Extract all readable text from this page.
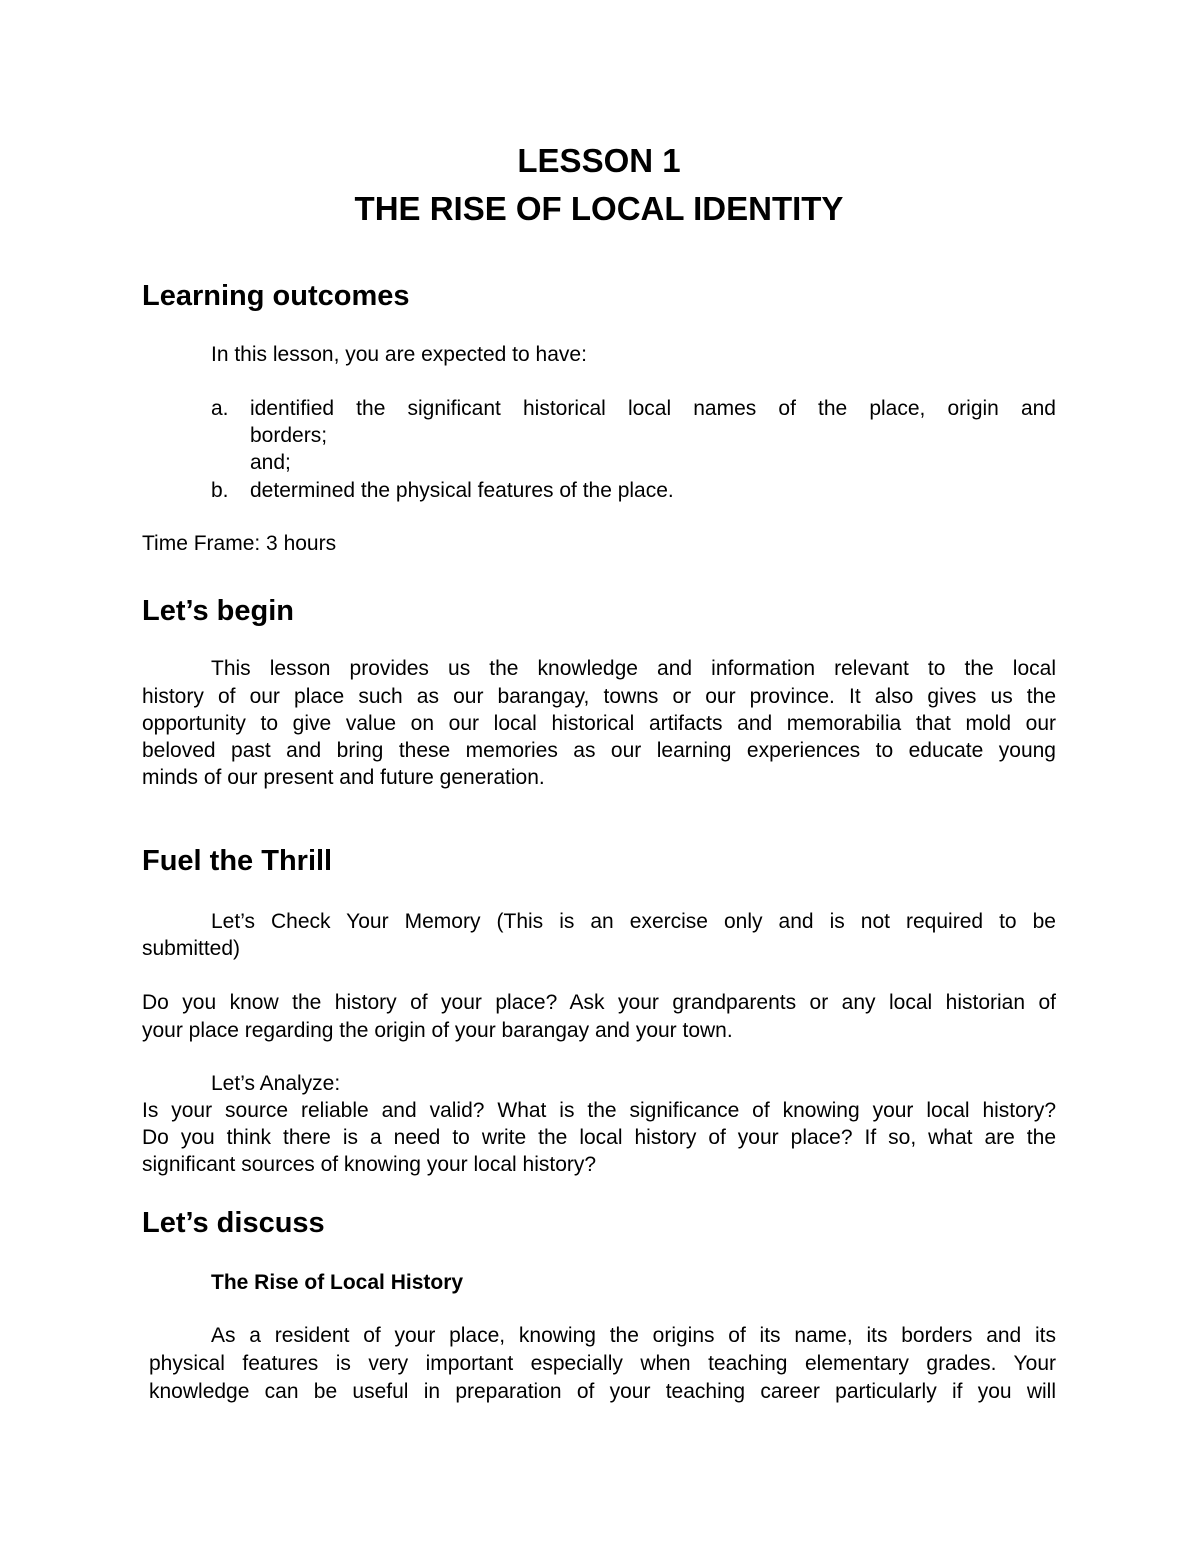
LESSON 1
THE RISE OF LOCAL IDENTITY
Learning outcomes
In this lesson, you are expected to have:
a. identified the significant historical local names of the place, origin and
borders;
and;
b. determined the physical features of the place.
Time Frame: 3 hours
Let’s begin
This lesson provides us the knowledge and information relevant to the local
history of our place such as our barangay, towns or our province. It also gives us the
opportunity to give value on our local historical artifacts and memorabilia that mold our
beloved past and bring these memories as our learning experiences to educate young
minds of our present and future generation.
Fuel the Thrill
Let’s Check Your Memory (This is an exercise only and is not required to be
submitted)
Do you know the history of your place? Ask your grandparents or any local historian of
your place regarding the origin of your barangay and your town.
Let’s Analyze:
Is your source reliable and valid? What is the significance of knowing your local history?
Do you think there is a need to write the local history of your place? If so, what are the
significant sources of knowing your local history?
Let’s discuss
The Rise of Local History
As a resident of your place, knowing the origins of its name, its borders and its
physical features is very important especially when teaching elementary grades. Your
knowledge can be useful in preparation of your teaching career particularly if you will
